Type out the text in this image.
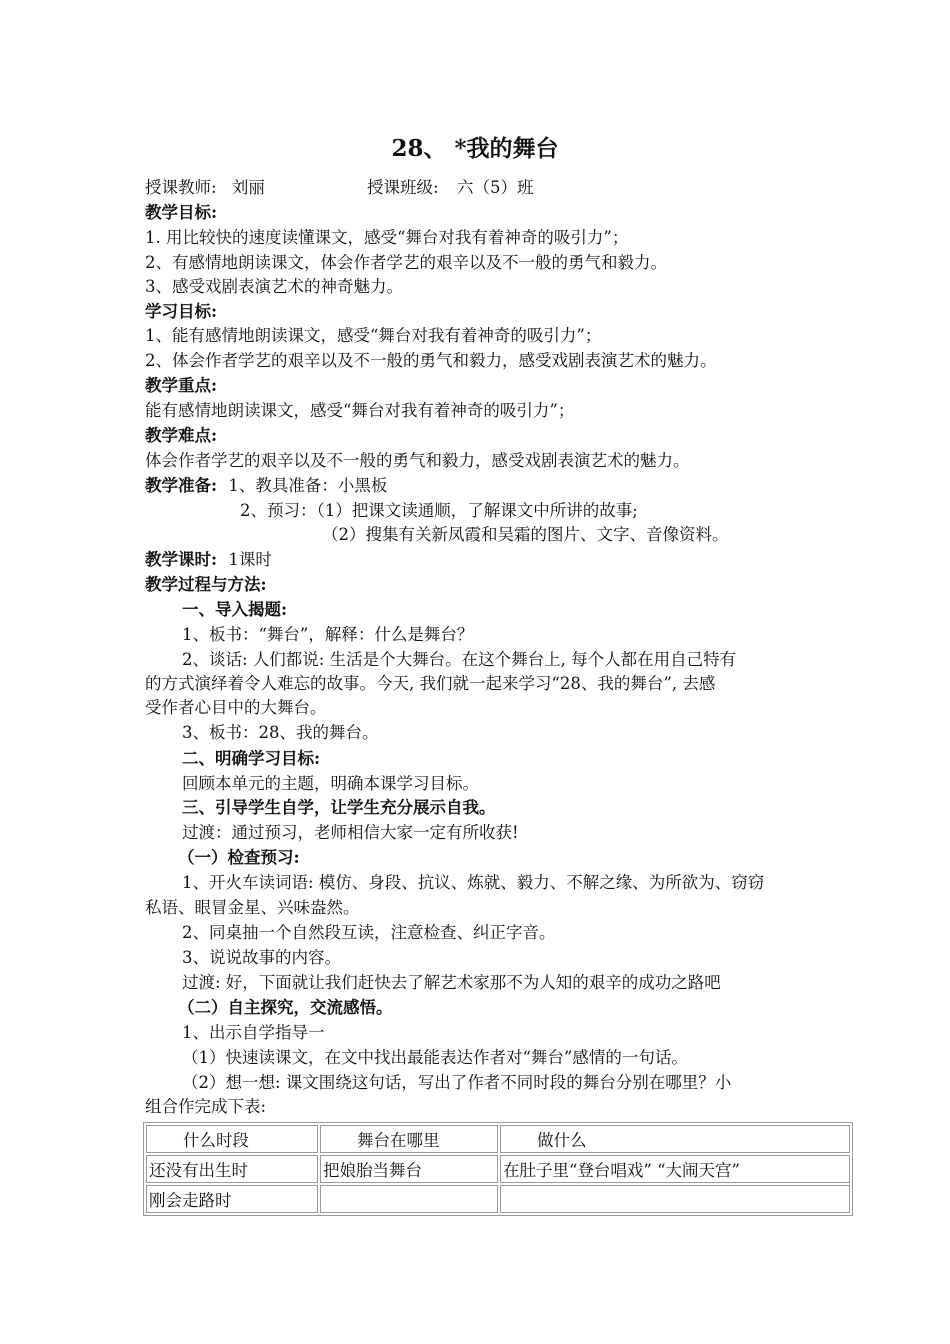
28、 *我的舞台
授课教师: 刘丽	授课班级: 六（5）班
教学目标:
1. 用比较快的速度读懂课文，感受“舞台对我有着神奇的吸引力”；
2、有感情地朗读课文，体会作者学艺的艰辛以及不一般的勇气和毅力。
3、感受戏剧表演艺术的神奇魅力。
学习目标:
1、能有感情地朗读课文，感受“舞台对我有着神奇的吸引力”；
2、体会作者学艺的艰辛以及不一般的勇气和毅力，感受戏剧表演艺术的魅力。
教学重点:
能有感情地朗读课文，感受“舞台对我有着神奇的吸引力”；
教学难点:
体会作者学艺的艰辛以及不一般的勇气和毅力，感受戏剧表演艺术的魅力。
教学准备: 1、教具准备：小黑板
2、预习：（1）把课文读通顺，了解课文中所讲的故事;
（2）搜集有关新凤霞和吴霜的图片、文字、音像资料。
教学课时: 1课时
教学过程与方法:
一、导入揭题:
1、板书：“舞台”，解释：什么是舞台？
2、谈话: 人们都说: 生活是个大舞台。在这个舞台上, 每个人都在用自己特有
的方式演绎着令人难忘的故事。今天, 我们就一起来学习“28、我的舞台”, 去感
受作者心目中的大舞台。
3、板书：28、我的舞台。
二、明确学习目标:
回顾本单元的主题，明确本课学习目标。
三、引导学生自学，让学生充分展示自我。
过渡：通过预习，老师相信大家一定有所收获!
（一）检查预习:
1、开火车读词语: 模仿、身段、抗议、炼就、毅力、不解之缘、为所欲为、窃窃
私语、眼冒金星、兴味盎然。
2、同桌抽一个自然段互读，注意检查、纠正字音。
3、说说故事的内容。
过渡: 好，下面就让我们赶快去了解艺术家那不为人知的艰辛的成功之路吧
（二）自主探究，交流感悟。
1、出示自学指导一
（1）快速读课文，在文中找出最能表达作者对“舞台”感情的一句话。
（2）想一想: 课文围绕这句话，写出了作者不同时段的舞台分别在哪里？小
组合作完成下表:
什么时段	舞台在哪里	做什么
还没有出生时	把娘胎当舞台	在肚子里“登台唱戏” “大闹天宫”
刚会走路时		
